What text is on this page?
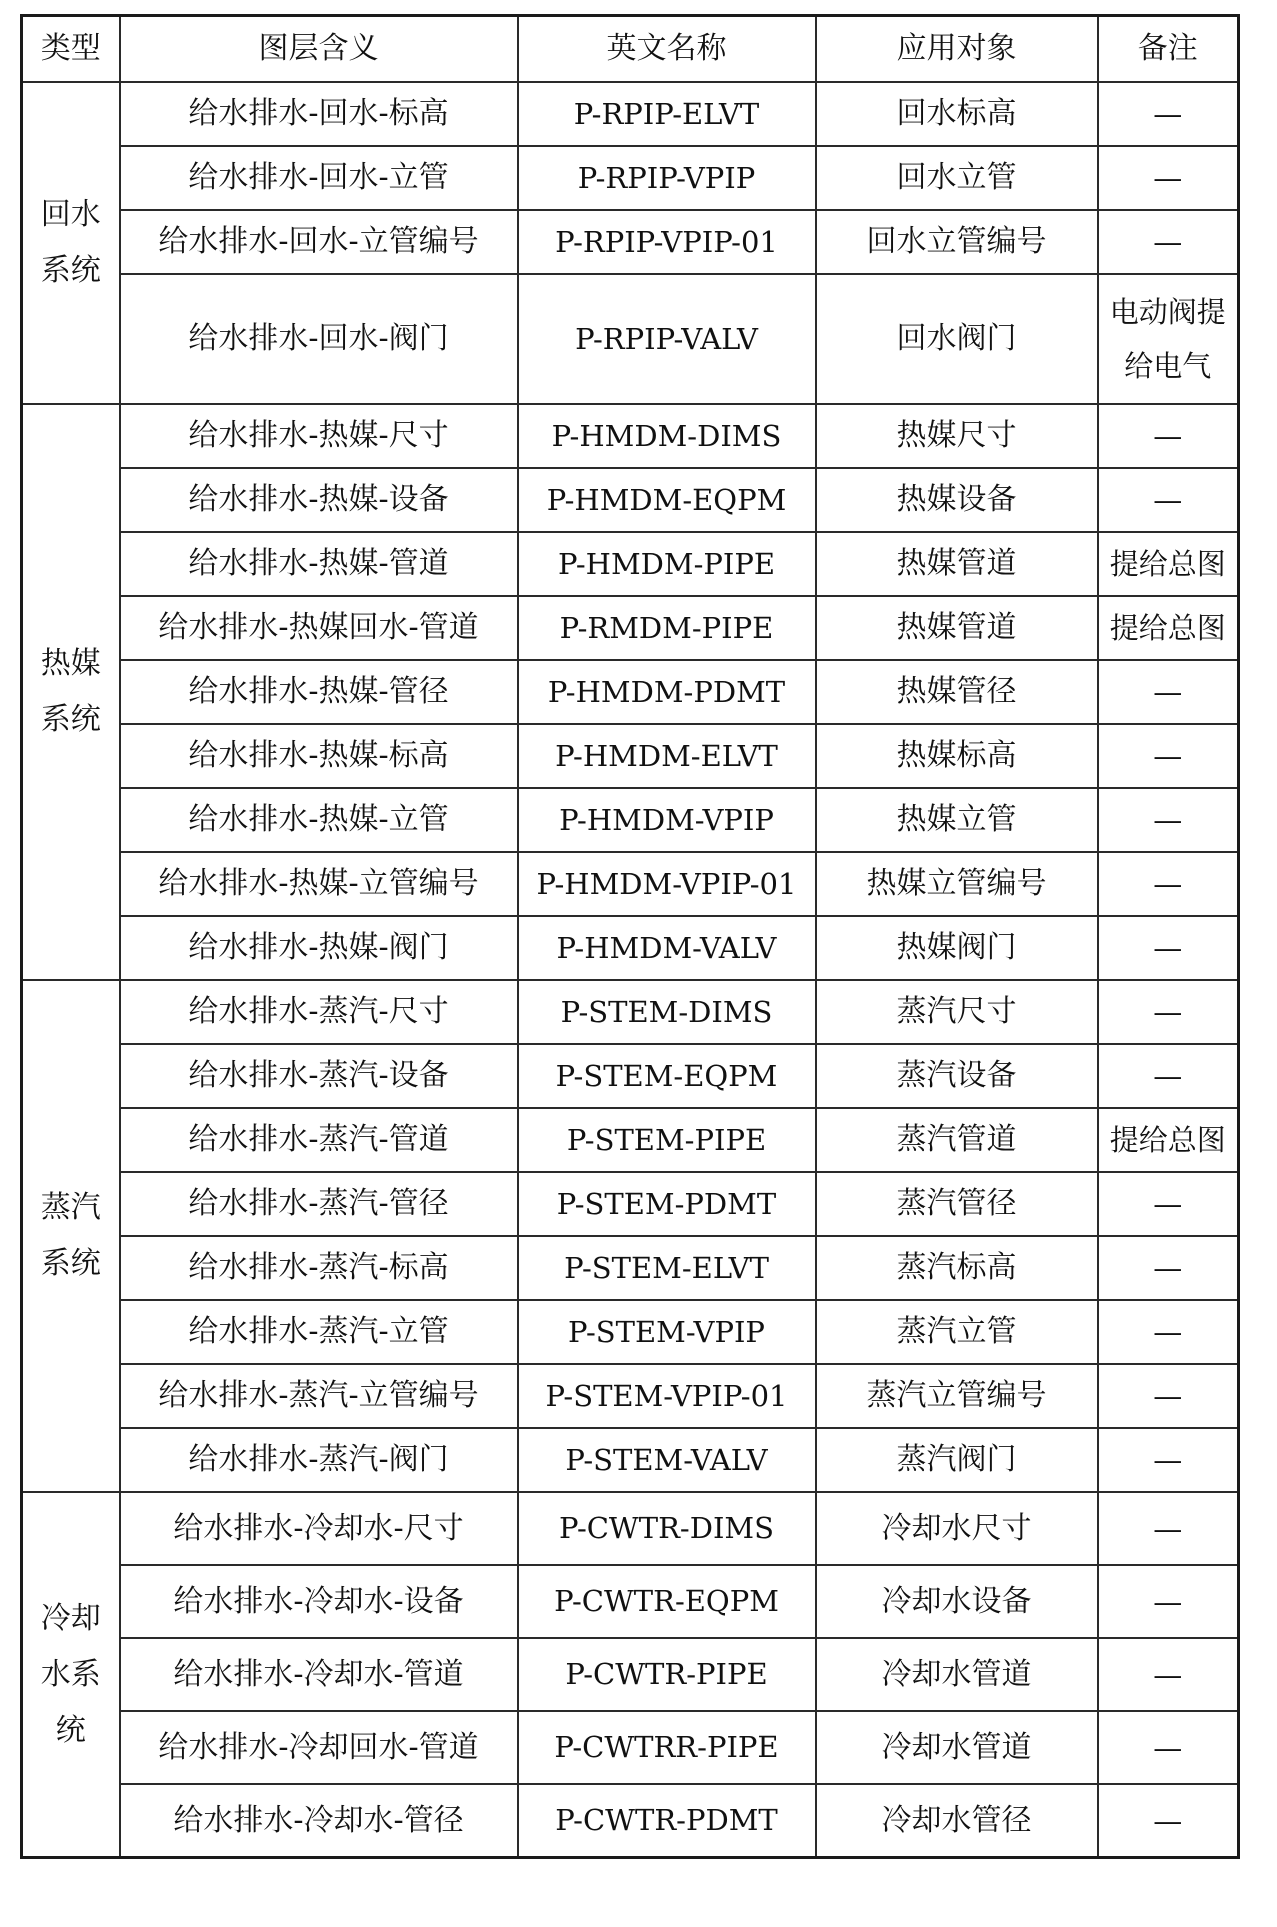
类型	图层含义	英文名称	应用对象	备注
回水系统	给水排水-回水-标高	P-RPIP-ELVT	回水标高	—
	给水排水-回水-立管	P-RPIP-VPIP	回水立管	—
	给水排水-回水-立管编号	P-RPIP-VPIP-01	回水立管编号	—
	给水排水-回水-阀门	P-RPIP-VALV	回水阀门	电动阀提给电气
热媒系统	给水排水-热媒-尺寸	P-HMDM-DIMS	热媒尺寸	—
	给水排水-热媒-设备	P-HMDM-EQPM	热媒设备	—
	给水排水-热媒-管道	P-HMDM-PIPE	热媒管道	提给总图
	给水排水-热媒回水-管道	P-RMDM-PIPE	热媒管道	提给总图
	给水排水-热媒-管径	P-HMDM-PDMT	热媒管径	—
	给水排水-热媒-标高	P-HMDM-ELVT	热媒标高	—
	给水排水-热媒-立管	P-HMDM-VPIP	热媒立管	—
	给水排水-热媒-立管编号	P-HMDM-VPIP-01	热媒立管编号	—
	给水排水-热媒-阀门	P-HMDM-VALV	热媒阀门	—
蒸汽系统	给水排水-蒸汽-尺寸	P-STEM-DIMS	蒸汽尺寸	—
	给水排水-蒸汽-设备	P-STEM-EQPM	蒸汽设备	—
	给水排水-蒸汽-管道	P-STEM-PIPE	蒸汽管道	提给总图
	给水排水-蒸汽-管径	P-STEM-PDMT	蒸汽管径	—
	给水排水-蒸汽-标高	P-STEM-ELVT	蒸汽标高	—
	给水排水-蒸汽-立管	P-STEM-VPIP	蒸汽立管	—
	给水排水-蒸汽-立管编号	P-STEM-VPIP-01	蒸汽立管编号	—
	给水排水-蒸汽-阀门	P-STEM-VALV	蒸汽阀门	—
冷却水系统	给水排水-冷却水-尺寸	P-CWTR-DIMS	冷却水尺寸	—
	给水排水-冷却水-设备	P-CWTR-EQPM	冷却水设备	—
	给水排水-冷却水-管道	P-CWTR-PIPE	冷却水管道	—
	给水排水-冷却回水-管道	P-CWTRR-PIPE	冷却水管道	—
	给水排水-冷却水-管径	P-CWTR-PDMT	冷却水管径	—
